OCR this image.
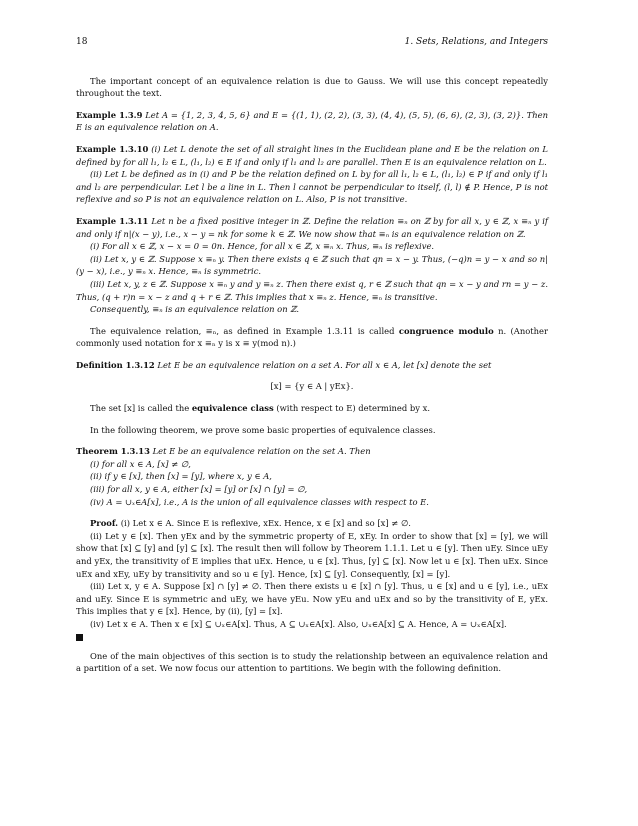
18	1. Sets, Relations, and Integers

The important concept of an equivalence relation is due to Gauss. We will use this concept repeatedly throughout the text.

Example 1.3.9 Let A = {1, 2, 3, 4, 5, 6} and E = {(1, 1), (2, 2), (3, 3), (4, 4), (5, 5), (6, 6), (2, 3), (3, 2)}. Then E is an equivalence relation on A.

Example 1.3.10 (i) Let L denote the set of all straight lines in the Euclidean plane and E be the relation on L defined by for all l₁, l₂ ∈ L, (l₁, l₂) ∈ E if and only if l₁ and l₂ are parallel. Then E is an equivalence relation on L.

(ii) Let L be defined as in (i) and P be the relation defined on L by for all l₁, l₂ ∈ L, (l₁, l₂) ∈ P if and only if l₁ and l₂ are perpendicular. Let l be a line in L. Then l cannot be perpendicular to itself, (l, l) ∉ P. Hence, P is not reflexive and so P is not an equivalence relation on L. Also, P is not transitive.

Example 1.3.11 Let n be a fixed positive integer in ℤ. Define the relation ≡ₙ on ℤ by for all x, y ∈ ℤ, x ≡ₙ y if and only if n|(x − y), i.e., x − y = nk for some k ∈ ℤ. We now show that ≡ₙ is an equivalence relation on ℤ.

(i) For all x ∈ ℤ, x − x = 0 = 0n. Hence, for all x ∈ ℤ, x ≡ₙ x. Thus, ≡ₙ is reflexive.

(ii) Let x, y ∈ ℤ. Suppose x ≡ₙ y. Then there exists q ∈ ℤ such that qn = x − y. Thus, (−q)n = y − x and so n|(y − x), i.e., y ≡ₙ x. Hence, ≡ₙ is symmetric.

(iii) Let x, y, z ∈ ℤ. Suppose x ≡ₙ y and y ≡ₙ z. Then there exist q, r ∈ ℤ such that qn = x − y and rn = y − z. Thus, (q + r)n = x − z and q + r ∈ ℤ. This implies that x ≡ₙ z. Hence, ≡ₙ is transitive.

Consequently, ≡ₙ is an equivalence relation on ℤ.

The equivalence relation, ≡ₙ, as defined in Example 1.3.11 is called congruence modulo n. (Another commonly used notation for x ≡ₙ y is x ≡ y(mod n).)

Definition 1.3.12 Let E be an equivalence relation on a set A. For all x ∈ A, let [x] denote the set

[x] = {y ∈ A | yEx}.

The set [x] is called the equivalence class (with respect to E) determined by x.

In the following theorem, we prove some basic properties of equivalence classes.

Theorem 1.3.13 Let E be an equivalence relation on the set A. Then

(i) for all x ∈ A, [x] ≠ ∅,

(ii) if y ∈ [x], then [x] = [y], where x, y ∈ A,

(iii) for all x, y ∈ A, either [x] = [y] or [x] ∩ [y] = ∅,

(iv) A = ∪ₓ∈A[x], i.e., A is the union of all equivalence classes with respect to E.

Proof. (i) Let x ∈ A. Since E is reflexive, xEx. Hence, x ∈ [x] and so [x] ≠ ∅.

(ii) Let y ∈ [x]. Then yEx and by the symmetric property of E, xEy. In order to show that [x] = [y], we will show that [x] ⊆ [y] and [y] ⊆ [x]. The result then will follow by Theorem 1.1.1. Let u ∈ [y]. Then uEy. Since uEy and yEx, the transitivity of E implies that uEx. Hence, u ∈ [x]. Thus, [y] ⊆ [x]. Now let u ∈ [x]. Then uEx. Since uEx and xEy, uEy by transitivity and so u ∈ [y]. Hence, [x] ⊆ [y]. Consequently, [x] = [y].

(iii) Let x, y ∈ A. Suppose [x] ∩ [y] ≠ ∅. Then there exists u ∈ [x] ∩ [y]. Thus, u ∈ [x] and u ∈ [y], i.e., uEx and uEy. Since E is symmetric and uEy, we have yEu. Now yEu and uEx and so by the transitivity of E, yEx. This implies that y ∈ [x]. Hence, by (ii), [y] = [x].

(iv) Let x ∈ A. Then x ∈ [x] ⊆ ∪ₓ∈A[x]. Thus, A ⊆ ∪ₓ∈A[x]. Also, ∪ₓ∈A[x] ⊆ A. Hence, A = ∪ₓ∈A[x].

One of the main objectives of this section is to study the relationship between an equivalence relation and a partition of a set. We now focus our attention to partitions. We begin with the following definition.
